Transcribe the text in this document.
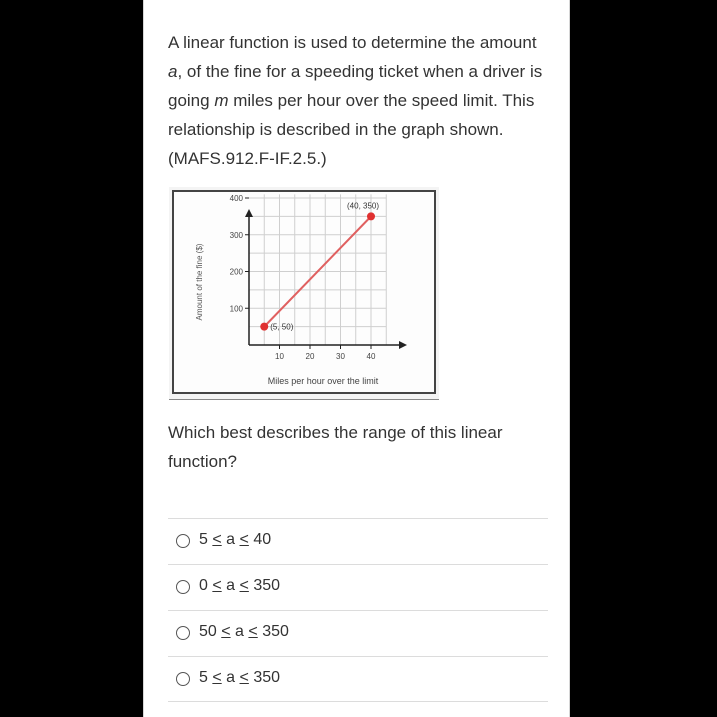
A linear function is used to determine the amount a, of the fine for a speeding ticket when a driver is going m miles per hour over the speed limit. This relationship is described in the graph shown. (MAFS.912.F-IF.2.5.)

100
200
300
400
10	20	30	40
(5, 50)
(40, 350)
Amount of the fine ($)
Miles per hour over the limit

Which best describes the range of this linear function?

5 < a < 40
0 < a < 350
50 < a < 350
5 < a < 350
